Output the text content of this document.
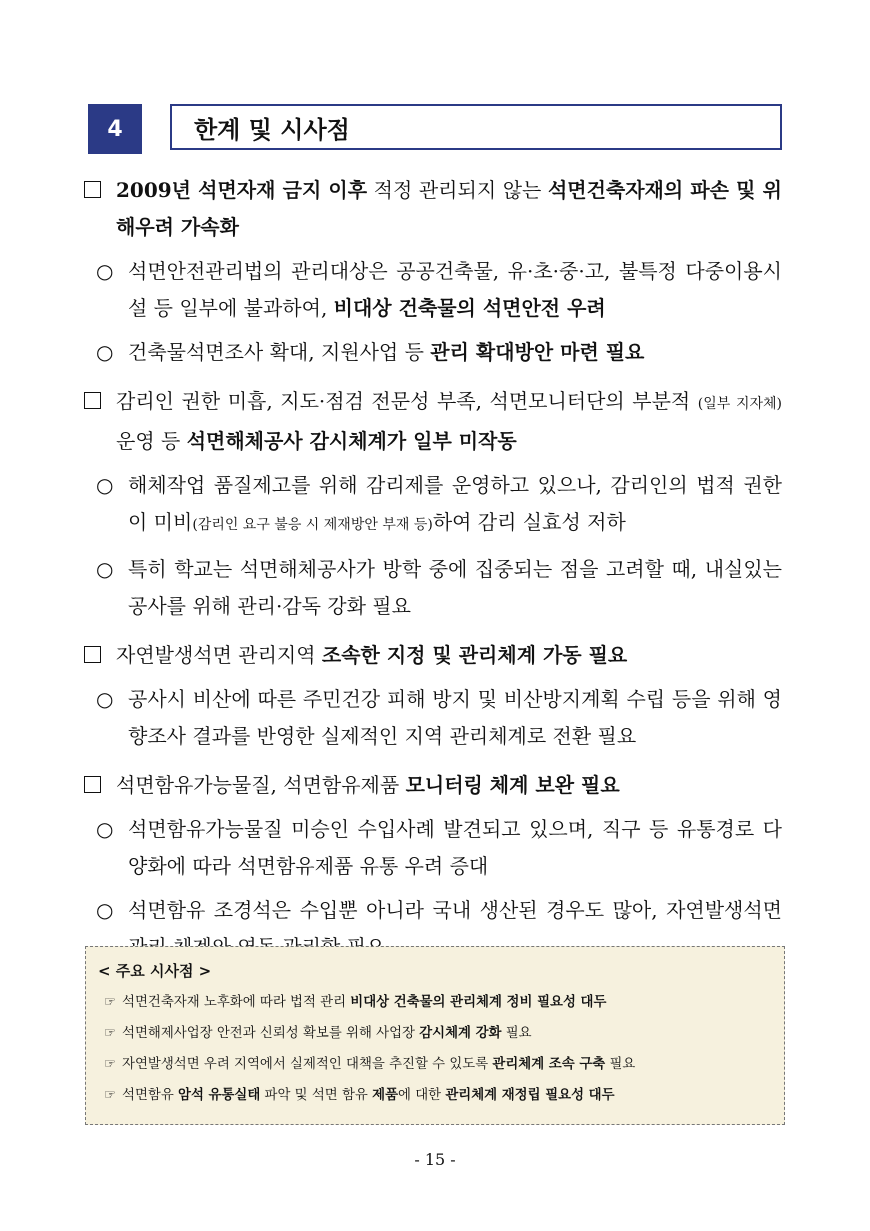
4	한계 및 시사점
2009년 석면자재 금지 이후 적정 관리되지 않는 석면건축자재의 파손 및 위해우려 가속화
○ 석면안전관리법의 관리대상은 공공건축물, 유·초·중·고, 불특정 다중이용시설 등 일부에 불과하여, 비대상 건축물의 석면안전 우려
○ 건축물석면조사 확대, 지원사업 등 관리 확대방안 마련 필요
감리인 권한 미흡, 지도·점검 전문성 부족, 석면모니터단의 부분적 (일부 지자체) 운영 등 석면해체공사 감시체계가 일부 미작동
○ 해체작업 품질제고를 위해 감리제를 운영하고 있으나, 감리인의 법적 권한이 미비(감리인 요구 불응 시 제재방안 부재 등)하여 감리 실효성 저하
○ 특히 학교는 석면해체공사가 방학 중에 집중되는 점을 고려할 때, 내실있는 공사를 위해 관리·감독 강화 필요
자연발생석면 관리지역 조속한 지정 및 관리체계 가동 필요
○ 공사시 비산에 따른 주민건강 피해 방지 및 비산방지계획 수립 등을 위해 영향조사 결과를 반영한 실제적인 지역 관리체계로 전환 필요
석면함유가능물질, 석면함유제품 모니터링 체계 보완 필요
○ 석면함유가능물질 미승인 수입사례 발견되고 있으며, 직구 등 유통경로 다양화에 따라 석면함유제품 유통 우려 증대
○ 석면함유 조경석은 수입뿐 아니라 국내 생산된 경우도 많아, 자연발생석면
< 주요 시사점 >
☞ 석면건축자재 노후화에 따라 법적 관리 비대상 건축물의 관리체계 정비 필요성 대두
☞ 석면해제사업장 안전과 신뢰성 확보를 위해 사업장 감시체계 강화 필요
☞ 자연발생석면 우려 지역에서 실제적인 대책을 추진할 수 있도록 관리체계 조속 구축 필요
☞ 석면함유 암석 유통실태 파악 및 석면 함유 제품에 대한 관리체계 재정립 필요성 대두
- 15 -
